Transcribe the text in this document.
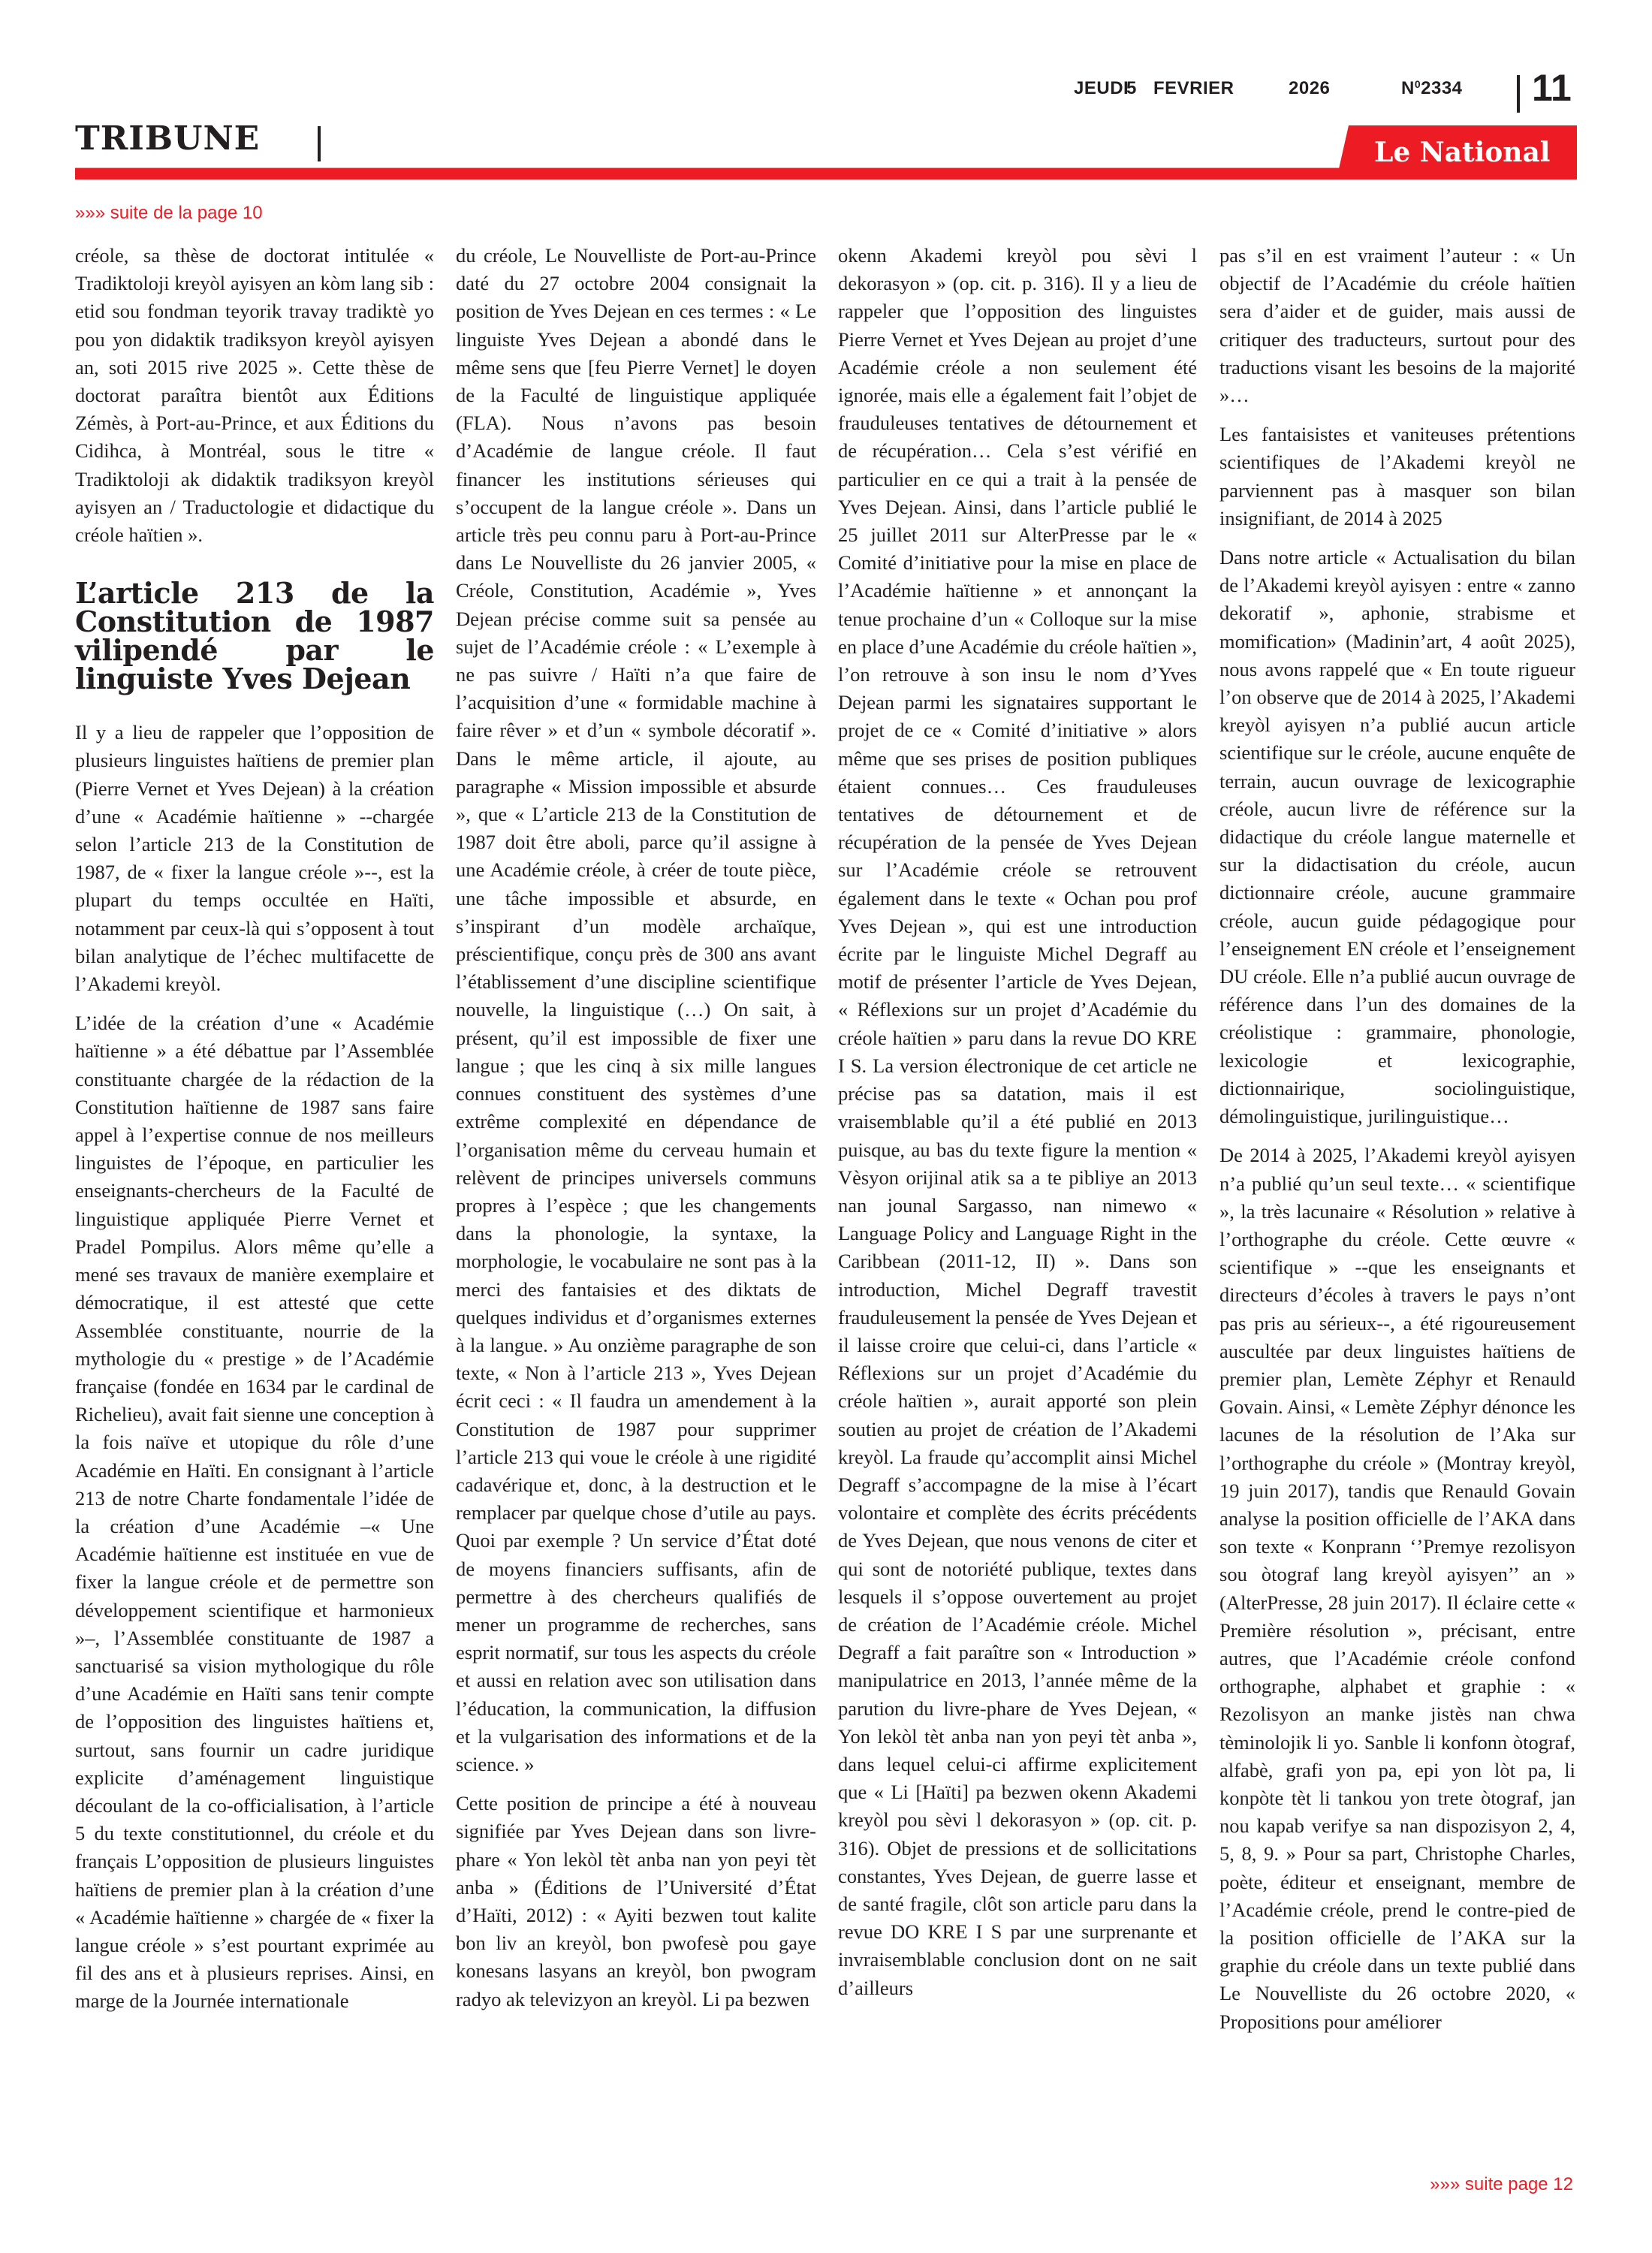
JEUDI
5 FEVRIER	2026	$N^02334$	11
TRIBUNE	Le National
»»» suite de la page 10

créole, sa thèse de doctorat intitulée « Tradiktoloji kreyòl ayisyen an kòm lang sib : etid sou fondman teyorik travay tradiktè yo pou yon didaktik tradiksyon kreyòl ayisyen an, soti 2015 rive 2025 ». Cette thèse de doctorat paraîtra bientôt aux Éditions Zémès, à Port-au-Prince, et aux Éditions du Cidihca, à Montréal, sous le titre « Tradiktoloji ak didaktik tradiksyon kreyòl ayisyen an / Traductologie et didactique du créole haïtien ».

L’article 213 de la Constitution de 1987 vilipendé par le linguiste Yves Dejean

Il y a lieu de rappeler que l’opposition de plusieurs linguistes haïtiens de premier plan (Pierre Vernet et Yves Dejean) à la création d’une « Académie haïtienne » --chargée selon l’article 213 de la Constitution de 1987, de « fixer la langue créole »--, est la plupart du temps occultée en Haïti, notamment par ceux-là qui s’opposent à tout bilan analytique de l’échec multifacette de l’Akademi kreyòl.

L’idée de la création d’une « Académie haïtienne » a été débattue par l’Assemblée constituante chargée de la rédaction de la Constitution haïtienne de 1987 sans faire appel à l’expertise connue de nos meilleurs linguistes de l’époque, en particulier les enseignants-chercheurs de la Faculté de linguistique appliquée Pierre Vernet et Pradel Pompilus. Alors même qu’elle a mené ses travaux de manière exemplaire et démocratique, il est attesté que cette Assemblée constituante, nourrie de la mythologie du « prestige » de l’Académie française (fondée en 1634 par le cardinal de Richelieu), avait fait sienne une conception à la fois naïve et utopique du rôle d’une Académie en Haïti. En consignant à l’article 213 de notre Charte fondamentale l’idée de la création d’une Académie –« Une Académie haïtienne est instituée en vue de fixer la langue créole et de permettre son développement scientifique et harmonieux »–, l’Assemblée constituante de 1987 a sanctuarisé sa vision mythologique du rôle d’une Académie en Haïti sans tenir compte de l’opposition des linguistes haïtiens et, surtout, sans fournir un cadre juridique explicite d’aménagement linguistique découlant de la co-officialisation, à l’article 5 du texte constitutionnel, du créole et du français L’opposition de plusieurs linguistes haïtiens de premier plan à la création d’une « Académie haïtienne » chargée de « fixer la langue créole » s’est pourtant exprimée au fil des ans et à plusieurs reprises. Ainsi, en marge de la Journée internationale

du créole, Le Nouvelliste de Port-au-Prince daté du 27 octobre 2004 consignait la position de Yves Dejean en ces termes : « Le linguiste Yves Dejean a abondé dans le même sens que [feu Pierre Vernet] le doyen de la Faculté de linguistique appliquée (FLA). Nous n’avons pas besoin d’Académie de langue créole. Il faut financer les institutions sérieuses qui s’occupent de la langue créole ». Dans un article très peu connu paru à Port-au-Prince dans Le Nouvelliste du 26 janvier 2005, « Créole, Constitution, Académie », Yves Dejean précise comme suit sa pensée au sujet de l’Académie créole : « L’exemple à ne pas suivre / Haïti n’a que faire de l’acquisition d’une « formidable machine à faire rêver » et d’un « symbole décoratif ». Dans le même article, il ajoute, au paragraphe « Mission impossible et absurde », que « L’article 213 de la Constitution de 1987 doit être aboli, parce qu’il assigne à une Académie créole, à créer de toute pièce, une tâche impossible et absurde, en s’inspirant d’un modèle archaïque, préscientifique, conçu près de 300 ans avant l’établissement d’une discipline scientifique nouvelle, la linguistique (…) On sait, à présent, qu’il est impossible de fixer une langue ; que les cinq à six mille langues connues constituent des systèmes d’une extrême complexité en dépendance de l’organisation même du cerveau humain et relèvent de principes universels communs propres à l’espèce ; que les changements dans la phonologie, la syntaxe, la morphologie, le vocabulaire ne sont pas à la merci des fantaisies et des diktats de quelques individus et d’organismes externes à la langue. » Au onzième paragraphe de son texte, « Non à l’article 213 », Yves Dejean écrit ceci : « Il faudra un amendement à la Constitution de 1987 pour supprimer l’article 213 qui voue le créole à une rigidité cadavérique et, donc, à la destruction et le remplacer par quelque chose d’utile au pays. Quoi par exemple ? Un service d’État doté de moyens financiers suffisants, afin de permettre à des chercheurs qualifiés de mener un programme de recherches, sans esprit normatif, sur tous les aspects du créole et aussi en relation avec son utilisation dans l’éducation, la communication, la diffusion et la vulgarisation des informations et de la science. »

Cette position de principe a été à nouveau signifiée par Yves Dejean dans son livre-phare « Yon lekòl tèt anba nan yon peyi tèt anba » (Éditions de l’Université d’État d’Haïti, 2012) : « Ayiti bezwen tout kalite bon liv an kreyòl, bon pwofesè pou gaye konesans lasyans an kreyòl, bon pwogram radyo ak televizyon an kreyòl. Li pa bezwen

okenn Akademi kreyòl pou sèvi l dekorasyon » (op. cit. p. 316). Il y a lieu de rappeler que l’opposition des linguistes Pierre Vernet et Yves Dejean au projet d’une Académie créole a non seulement été ignorée, mais elle a également fait l’objet de frauduleuses tentatives de détournement et de récupération… Cela s’est vérifié en particulier en ce qui a trait à la pensée de Yves Dejean. Ainsi, dans l’article publié le 25 juillet 2011 sur AlterPresse par le « Comité d’initiative pour la mise en place de l’Académie haïtienne » et annonçant la tenue prochaine d’un « Colloque sur la mise en place d’une Académie du créole haïtien », l’on retrouve à son insu le nom d’Yves Dejean parmi les signataires supportant le projet de ce « Comité d’initiative » alors même que ses prises de position publiques étaient connues… Ces frauduleuses tentatives de détournement et de récupération de la pensée de Yves Dejean sur l’Académie créole se retrouvent également dans le texte « Ochan pou prof Yves Dejean », qui est une introduction écrite par le linguiste Michel Degraff au motif de présenter l’article de Yves Dejean, « Réflexions sur un projet d’Académie du créole haïtien » paru dans la revue DO KRE I S. La version électronique de cet article ne précise pas sa datation, mais il est vraisemblable qu’il a été publié en 2013 puisque, au bas du texte figure la mention « Vèsyon orijinal atik sa a te pibliye an 2013 nan jounal Sargasso, nan nimewo « Language Policy and Language Right in the Caribbean (2011-12, II) ». Dans son introduction, Michel Degraff travestit frauduleusement la pensée de Yves Dejean et il laisse croire que celui-ci, dans l’article « Réflexions sur un projet d’Académie du créole haïtien », aurait apporté son plein soutien au projet de création de l’Akademi kreyòl. La fraude qu’accomplit ainsi Michel Degraff s’accompagne de la mise à l’écart volontaire et complète des écrits précédents de Yves Dejean, que nous venons de citer et qui sont de notoriété publique, textes dans lesquels il s’oppose ouvertement au projet de création de l’Académie créole. Michel Degraff a fait paraître son « Introduction » manipulatrice en 2013, l’année même de la parution du livre-phare de Yves Dejean, « Yon lekòl tèt anba nan yon peyi tèt anba », dans lequel celui-ci affirme explicitement que « Li [Haïti] pa bezwen okenn Akademi kreyòl pou sèvi l dekorasyon » (op. cit. p. 316). Objet de pressions et de sollicitations constantes, Yves Dejean, de guerre lasse et de santé fragile, clôt son article paru dans la revue DO KRE I S par une surprenante et invraisemblable conclusion dont on ne sait d’ailleurs

pas s’il en est vraiment l’auteur : « Un objectif de l’Académie du créole haïtien sera d’aider et de guider, mais aussi de critiquer des traducteurs, surtout pour des traductions visant les besoins de la majorité »…

Les fantaisistes et vaniteuses prétentions scientifiques de l’Akademi kreyòl ne parviennent pas à masquer son bilan insignifiant, de 2014 à 2025

Dans notre article « Actualisation du bilan de l’Akademi kreyòl ayisyen : entre « zanno dekoratif », aphonie, strabisme et momification» (Madinin’art, 4 août 2025), nous avons rappelé que « En toute rigueur l’on observe que de 2014 à 2025, l’Akademi kreyòl ayisyen n’a publié aucun article scientifique sur le créole, aucune enquête de terrain, aucun ouvrage de lexicographie créole, aucun livre de référence sur la didactique du créole langue maternelle et sur la didactisation du créole, aucun dictionnaire créole, aucune grammaire créole, aucun guide pédagogique pour l’enseignement EN créole et l’enseignement DU créole. Elle n’a publié aucun ouvrage de référence dans l’un des domaines de la créolistique : grammaire, phonologie, lexicologie et lexicographie, dictionnairique, sociolinguistique, démolinguistique, jurilinguistique…

De 2014 à 2025, l’Akademi kreyòl ayisyen n’a publié qu’un seul texte… « scientifique », la très lacunaire « Résolution » relative à l’orthographe du créole. Cette œuvre « scientifique » --que les enseignants et directeurs d’écoles à travers le pays n’ont pas pris au sérieux--, a été rigoureusement auscultée par deux linguistes haïtiens de premier plan, Lemète Zéphyr et Renauld Govain. Ainsi, « Lemète Zéphyr dénonce les lacunes de la résolution de l’Aka sur l’orthographe du créole » (Montray kreyòl, 19 juin 2017), tandis que Renauld Govain analyse la position officielle de l’AKA dans son texte « Konprann ‘’Premye rezolisyon sou òtograf lang kreyòl ayisyen’’ an » (AlterPresse, 28 juin 2017). Il éclaire cette « Première résolution », précisant, entre autres, que l’Académie créole confond orthographe, alphabet et graphie : « Rezolisyon an manke jistès nan chwa tèminolojik li yo. Sanble li konfonn òtograf, alfabè, grafi yon pa, epi yon lòt pa, li konpòte tèt li tankou yon trete òtograf, jan nou kapab verifye sa nan dispozisyon 2, 4, 5, 8, 9. » Pour sa part, Christophe Charles, poète, éditeur et enseignant, membre de l’Académie créole, prend le contre-pied de la position officielle de l’AKA sur la graphie du créole dans un texte publié dans Le Nouvelliste du 26 octobre 2020, « Propositions pour améliorer

»»» suite page 12
